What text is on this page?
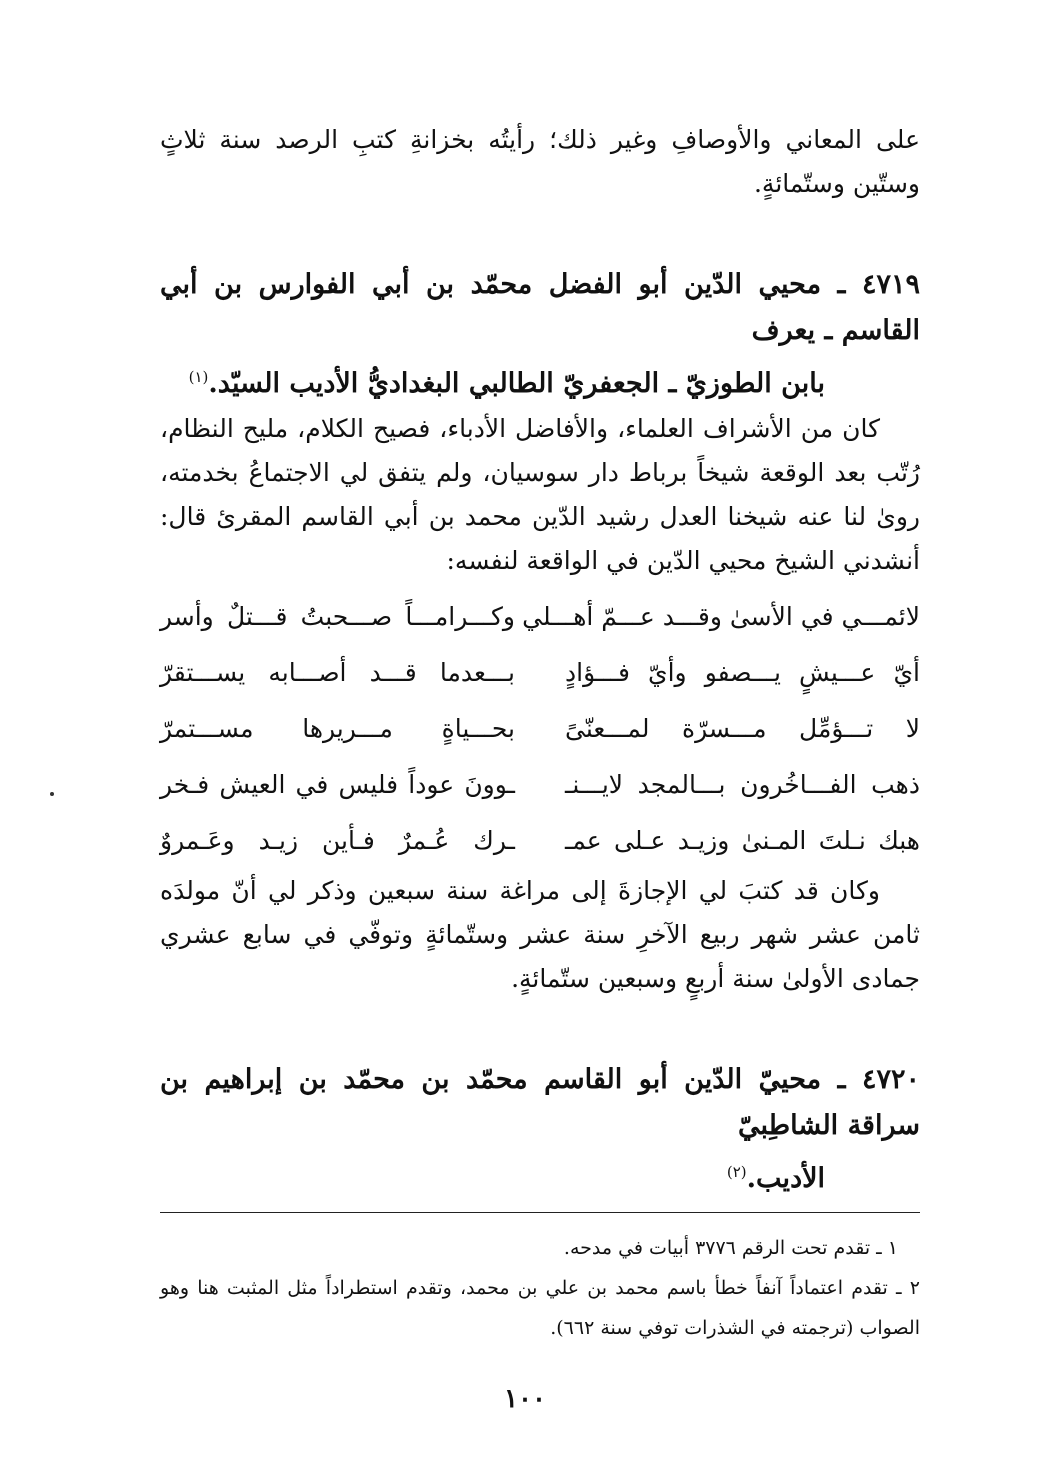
على المعاني والأوصافِ وغير ذلك؛ رأيتُه بخزانةِ كتبِ الرصد سنة ثلاثٍ وستّين وستّمائةٍ.

٤٧١٩ ـ محيي الدّين أبو الفضل محمّد بن أبي الفوارس بن أبي القاسم ـ يعرف
بابن الطوزيّ ـ الجعفريّ الطالبي البغداديُّ الأديب السيّد.$^{(١)}$

كان من الأشراف العلماء، والأفاضل الأدباء، فصيح الكلام، مليح النظام، رُتّب بعد الوقعة شيخاً برباط دار سوسيان، ولم يتفق لي الاجتماعُ بخدمته، روىٰ لنا عنه شيخنا العدل رشيد الدّين محمد بن أبي القاسم المقرئ قال: أنشدني الشيخ محيي الدّين في الواقعة لنفسه:

لائمـــي في الأسىٰ وقـــد عـــمّ أهـــلي
وكـــرامـــاً صـــحبتُ قـــتلٌ وأسر
أيّ عـــيشٍ يـــصفو وأيّ فـــؤادٍ
بـــعدما قـــد أصـــابه يســـتقرّ
لا تـــؤمِّل مـــسرّة لمـــعنّىً
بحـــياةٍ مـــريرها مســـتمرّ
ذهب الفـــاخُرون بـــالمجد لايـــنـ
ـوونَ عوداً فليس في العيش فـخر
هبك نـلتَ المـنىٰ وزيـد عـلى عمـ
ـرك عُـمرٌ فـأين زيـد وعَـمروٌ

وكان قد كتبَ لي الإجازةَ إلى مراغة سنة سبعين وذكر لي أنّ مولدَه ثامن عشر شهر ربيع الآخرِ سنة عشر وستّمائةٍ وتوفّي في سابع عشري جمادى الأولىٰ سنة أربعٍ وسبعين ستّمائةٍ.

٤٧٢٠ ـ محييّ الدّين أبو القاسم محمّد بن محمّد بن إبراهيم بن سراقة الشاطِبيّ
الأديب.$^{(٢)}$

١ ـ تقدم تحت الرقم ٣٧٧٦ أبيات في مدحه.

٢ ـ تقدم اعتماداً آنفاً خطأ باسم محمد بن علي بن محمد، وتقدم استطراداً مثل المثبت هنا وهو الصواب (ترجمته في الشذرات توفي سنة ٦٦٢).

١٠٠
